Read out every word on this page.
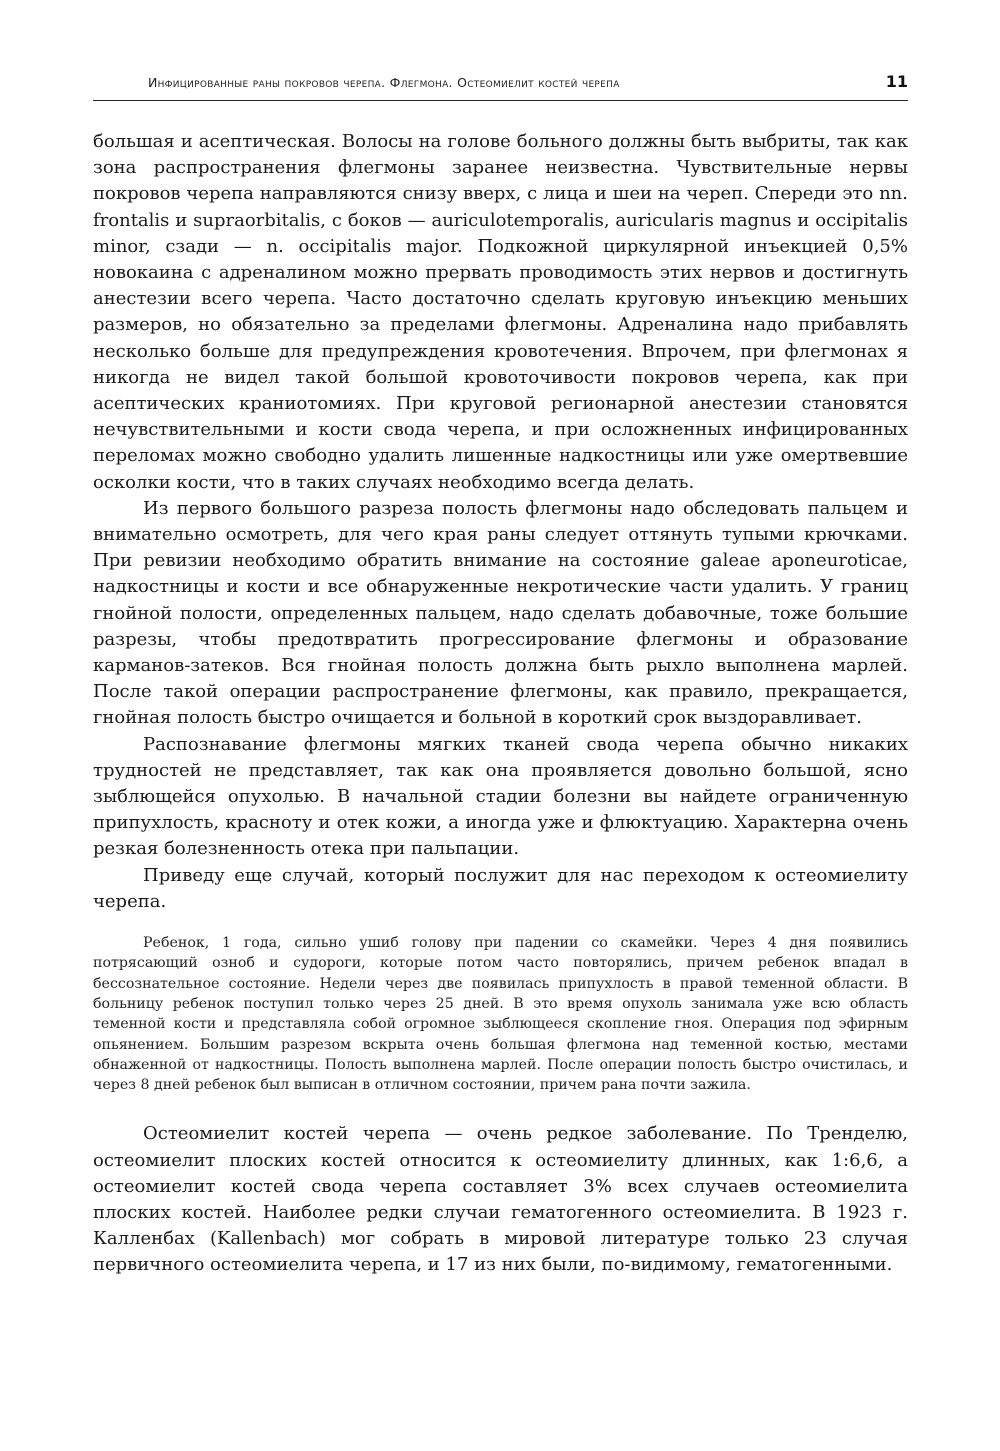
Инфицированные раны покровов черепа. Флегмона. Остеомиелит костей черепа	11

большая и асептическая. Волосы на голове больного должны быть выбриты, так как зона распространения флегмоны заранее неизвестна. Чувствительные нервы покровов черепа направляются снизу вверх, с лица и шеи на череп. Спереди это nn. frontalis и supraorbitalis, с боков — auriculotemporalis, auricularis magnus и occipitalis minor, сзади — n. occipitalis major. Подкожной циркулярной инъекцией 0,5% новокаина с адреналином можно прервать проводимость этих нервов и достигнуть анестезии всего черепа. Часто достаточно сделать круговую инъекцию меньших размеров, но обязательно за пределами флегмоны. Адреналина надо прибавлять несколько больше для предупреждения кровотечения. Впрочем, при флегмонах я никогда не видел такой большой кровоточивости покровов черепа, как при асептических краниотомиях. При круговой регионарной анестезии становятся нечувствительными и кости свода черепа, и при осложненных инфицированных переломах можно свободно удалить лишенные надкостницы или уже омертвевшие осколки кости, что в таких случаях необходимо всегда делать.

Из первого большого разреза полость флегмоны надо обследовать пальцем и внимательно осмотреть, для чего края раны следует оттянуть тупыми крючками. При ревизии необходимо обратить внимание на состояние galeae aponeuroticae, надкостницы и кости и все обнаруженные некротические части удалить. У границ гнойной полости, определенных пальцем, надо сделать добавочные, тоже большие разрезы, чтобы предотвратить прогрессирование флегмоны и образование карманов-затеков. Вся гнойная полость должна быть рыхло выполнена марлей. После такой операции распространение флегмоны, как правило, прекращается, гнойная полость быстро очищается и больной в короткий срок выздоравливает.

Распознавание флегмоны мягких тканей свода черепа обычно никаких трудностей не представляет, так как она проявляется довольно большой, ясно зыблющейся опухолью. В начальной стадии болезни вы найдете ограниченную припухлость, красноту и отек кожи, а иногда уже и флюктуацию. Характерна очень резкая болезненность отека при пальпации.

Приведу еще случай, который послужит для нас переходом к остеомиелиту черепа.

Ребенок, 1 года, сильно ушиб голову при падении со скамейки. Через 4 дня появились потрясающий озноб и судороги, которые потом часто повторялись, причем ребенок впадал в бессознательное состояние. Недели через две появилась припухлость в правой теменной области. В больницу ребенок поступил только через 25 дней. В это время опухоль занимала уже всю область теменной кости и представляла собой огромное зыблющееся скопление гноя. Операция под эфирным опьянением. Большим разрезом вскрыта очень большая флегмона над теменной костью, местами обнаженной от надкостницы. Полость выполнена марлей. После операции полость быстро очистилась, и через 8 дней ребенок был выписан в отличном состоянии, причем рана почти зажила.

Остеомиелит костей черепа — очень редкое заболевание. По Тренделю, остеомиелит плоских костей относится к остеомиелиту длинных, как 1:6,6, а остеомиелит костей свода черепа составляет 3% всех случаев остеомиелита плоских костей. Наиболее редки случаи гематогенного остеомиелита. В 1923 г. Калленбах (Kallenbach) мог собрать в мировой литературе только 23 случая первичного остеомиелита черепа, и 17 из них были, по-видимому, гематогенными.
